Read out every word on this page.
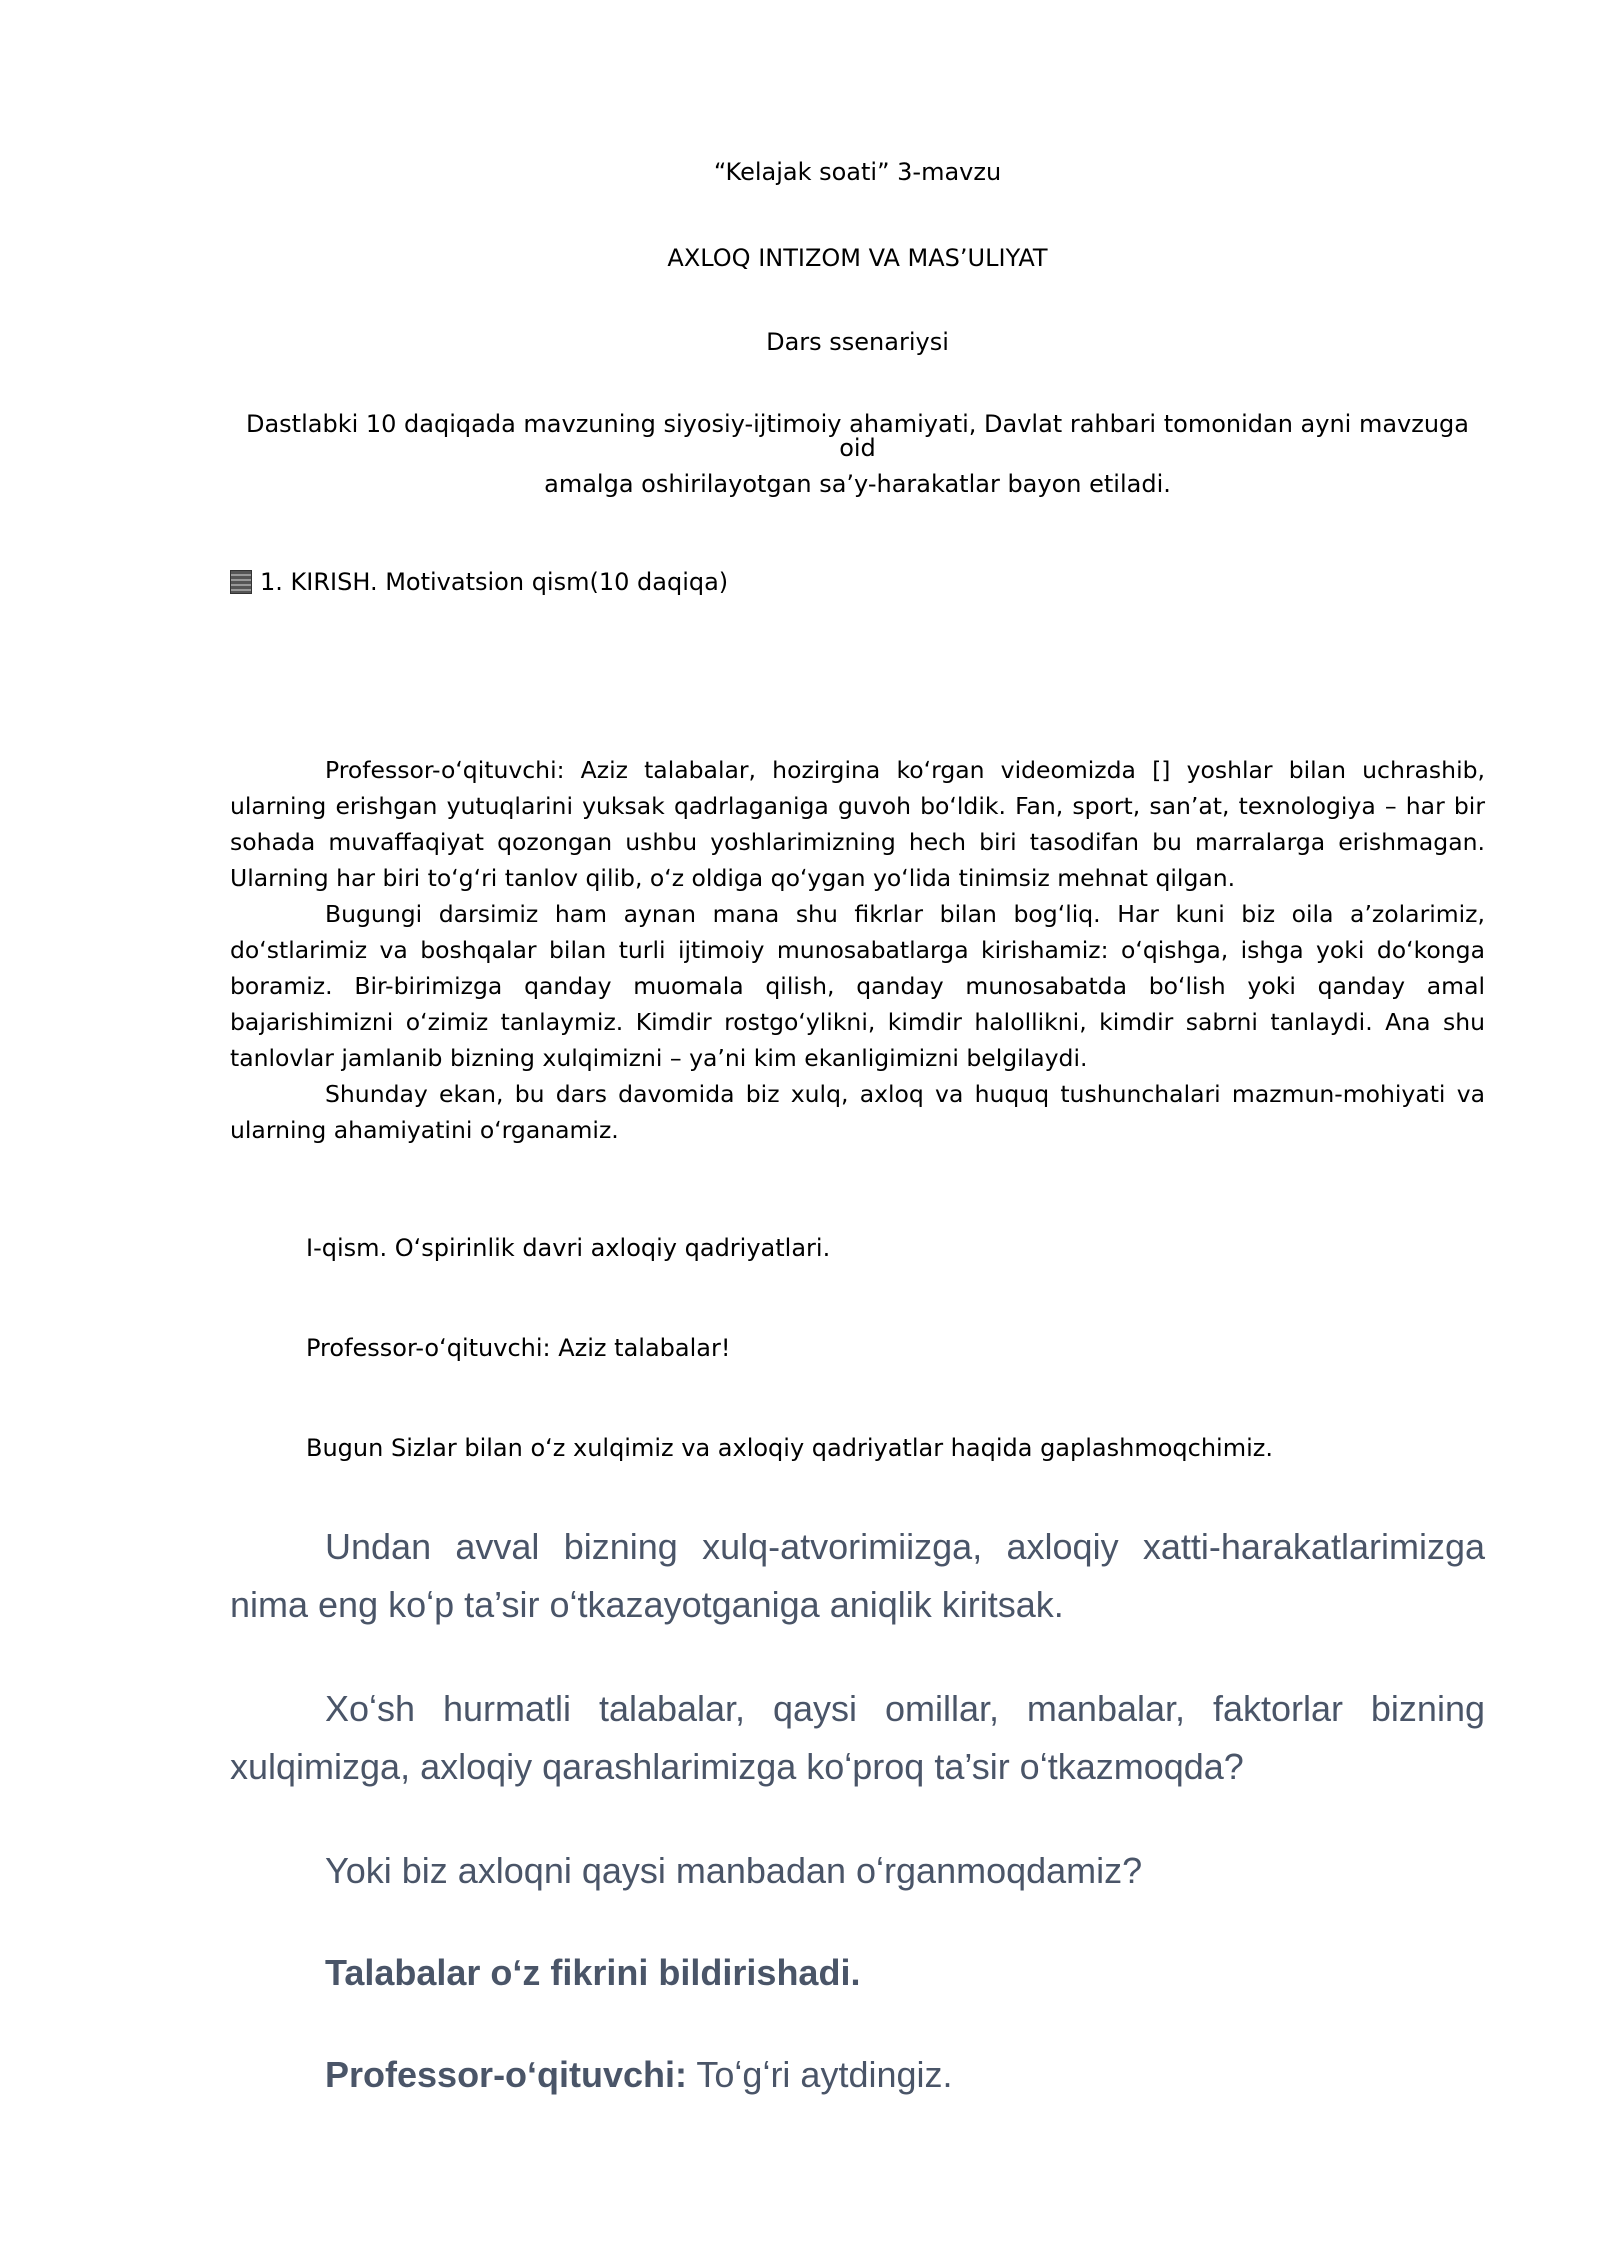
“Kelajak soati” 3-mavzu
AXLOQ INTIZOM VA MAS’ULIYAT
Dars ssenariysi
Dastlabki 10 daqiqada mavzuning siyosiy-ijtimoiy ahamiyati, Davlat rahbari tomonidan ayni mavzuga oid
amalga oshirilayotgan sa’y-harakatlar bayon etiladi.
1. KIRISH. Motivatsion qism(10 daqiqa)

Professor-oʻqituvchi: Aziz talabalar, hozirgina koʻrgan videomizda [] yoshlar bilan uchrashib, ularning erishgan yutuqlarini yuksak qadrlaganiga guvoh boʻldik. Fan, sport, san’at, texnologiya – har bir sohada muvaffaqiyat qozongan ushbu yoshlarimizning hech biri tasodifan bu marralarga erishmagan. Ularning har biri toʻgʻri tanlov qilib, oʻz oldiga qoʻygan yoʻlida tinimsiz mehnat qilgan.

Bugungi darsimiz ham aynan mana shu fikrlar bilan bogʻliq. Har kuni biz oila a’zolarimiz, doʻstlarimiz va boshqalar bilan turli ijtimoiy munosabatlarga kirishamiz: oʻqishga, ishga yoki doʻkonga boramiz. Bir-birimizga qanday muomala qilish, qanday munosabatda boʻlish yoki qanday amal bajarishimizni oʻzimiz tanlaymiz. Kimdir rostgoʻylikni, kimdir halollikni, kimdir sabrni tanlaydi. Ana shu tanlovlar jamlanib bizning xulqimizni – ya’ni kim ekanligimizni belgilaydi.

Shunday ekan, bu dars davomida biz xulq, axloq va huquq tushunchalari mazmun-mohiyati va ularning ahamiyatini oʻrganamiz.

I-qism. Oʻspirinlik davri axloqiy qadriyatlari.
Professor-oʻqituvchi: Aziz talabalar!
Bugun Sizlar bilan oʻz xulqimiz va axloqiy qadriyatlar haqida gaplashmoqchimiz.

Undan avval bizning xulq-atvorimiizga, axloqiy xatti-harakatlarimizga nima eng koʻp ta’sir oʻtkazayotganiga aniqlik kiritsak.

Xoʻsh hurmatli talabalar, qaysi omillar, manbalar, faktorlar bizning xulqimizga, axloqiy qarashlarimizga koʻproq ta’sir oʻtkazmoqda?

Yoki biz axloqni qaysi manbadan oʻrganmoqdamiz?

Talabalar oʻz fikrini bildirishadi.

Professor-oʻqituvchi: Toʻgʻri aytdingiz.
